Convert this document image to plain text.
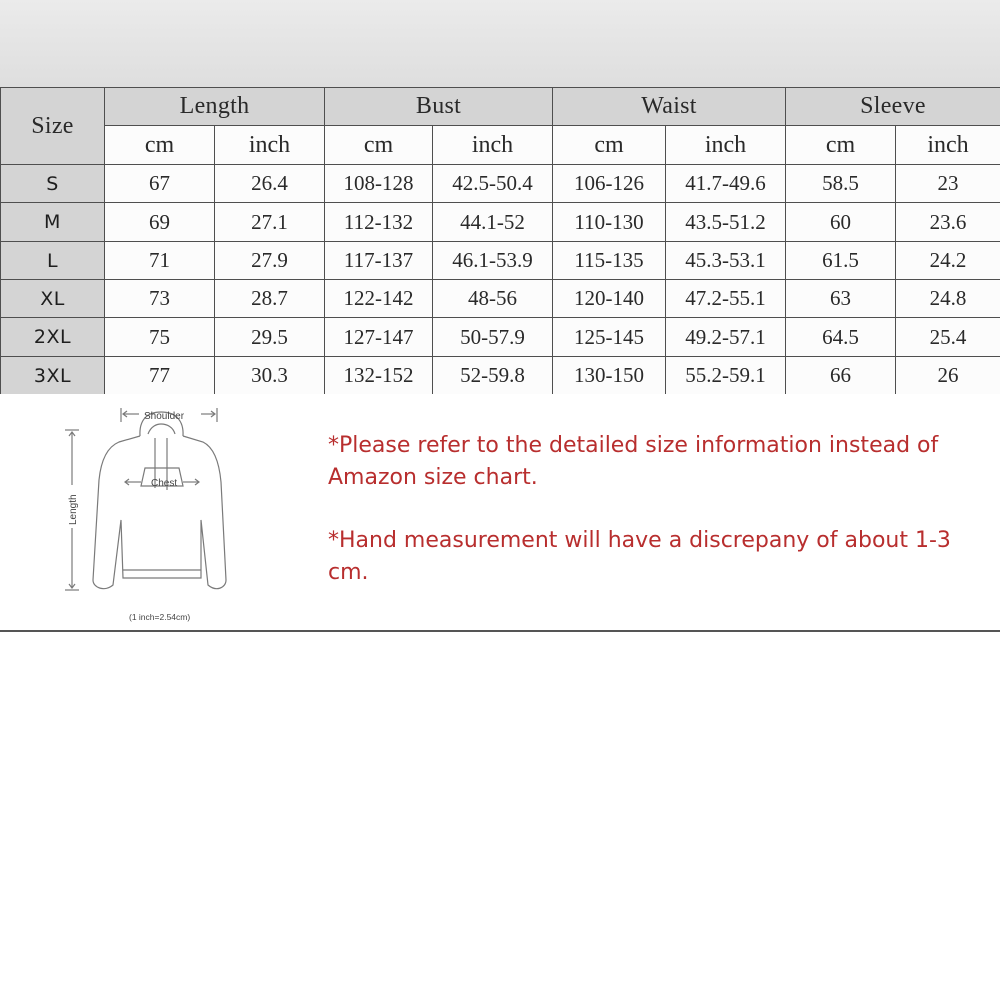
Size	Length		Bust		Waist		Sleeve	
	cm	inch	cm	inch	cm	inch	cm	inch
S	67	26.4	108-128	42.5-50.4	106-126	41.7-49.6	58.5	23
M	69	27.1	112-132	44.1-52	110-130	43.5-51.2	60	23.6
L	71	27.9	117-137	46.1-53.9	115-135	45.3-53.1	61.5	24.2
XL	73	28.7	122-142	48-56	120-140	47.2-55.1	63	24.8
2XL	75	29.5	127-147	50-57.9	125-145	49.2-57.1	64.5	25.4
3XL	77	30.3	132-152	52-59.8	130-150	55.2-59.1	66	26
Shoulder
Chest
Length
(1 inch=2.54cm)

*Please refer to the detailed size information instead of Amazon size chart.

*Hand measurement will have a discrepany of about 1-3 cm.
